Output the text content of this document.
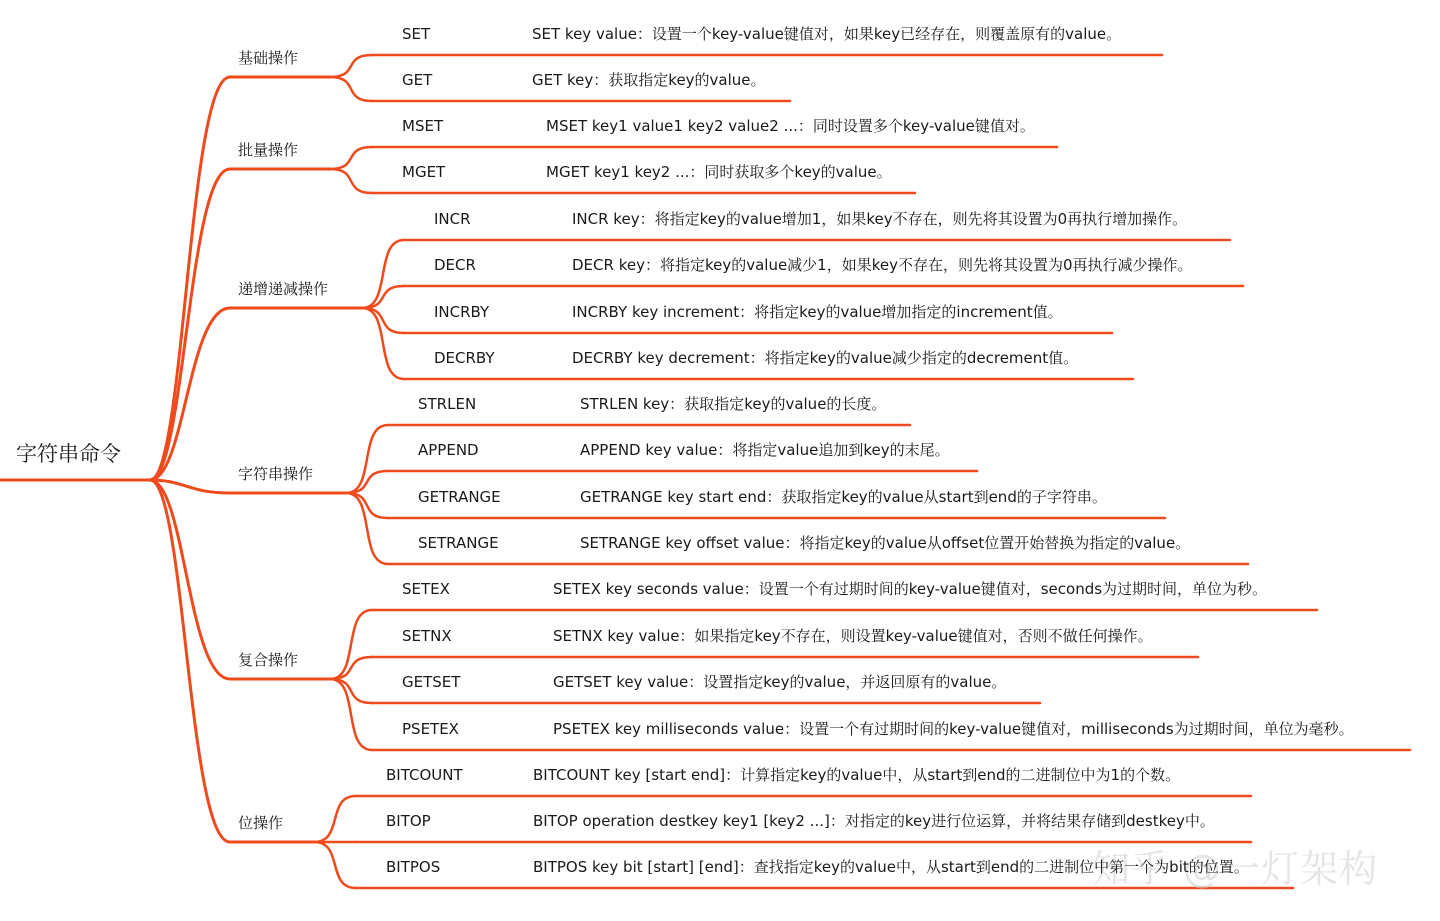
字符串命令
知乎 @一灯架构
基础操作
SET	SET key value：设置一个key-value键值对，如果key已经存在，则覆盖原有的value。
GET	GET key：获取指定key的value。
批量操作
MSET	MSET key1 value1 key2 value2 ...：同时设置多个key-value键值对。
MGET	MGET key1 key2 ...：同时获取多个key的value。
递增递减操作
INCR	INCR key：将指定key的value增加1，如果key不存在，则先将其设置为0再执行增加操作。
DECR	DECR key：将指定key的value减少1，如果key不存在，则先将其设置为0再执行减少操作。
INCRBY	INCRBY key increment：将指定key的value增加指定的increment值。
DECRBY	DECRBY key decrement：将指定key的value减少指定的decrement值。
字符串操作
STRLEN	STRLEN key：获取指定key的value的长度。
APPEND	APPEND key value：将指定value追加到key的末尾。
GETRANGE	GETRANGE key start end：获取指定key的value从start到end的子字符串。
SETRANGE	SETRANGE key offset value：将指定key的value从offset位置开始替换为指定的value。
复合操作
SETEX	SETEX key seconds value：设置一个有过期时间的key-value键值对，seconds为过期时间，单位为秒。
SETNX	SETNX key value：如果指定key不存在，则设置key-value键值对，否则不做任何操作。
GETSET	GETSET key value：设置指定key的value，并返回原有的value。
PSETEX	PSETEX key milliseconds value：设置一个有过期时间的key-value键值对，milliseconds为过期时间，单位为毫秒。
位操作
BITCOUNT	BITCOUNT key [start end]：计算指定key的value中，从start到end的二进制位中为1的个数。
BITOP	BITOP operation destkey key1 [key2 ...]：对指定的key进行位运算，并将结果存储到destkey中。
BITPOS	BITPOS key bit [start] [end]：查找指定key的value中，从start到end的二进制位中第一个为bit的位置。
